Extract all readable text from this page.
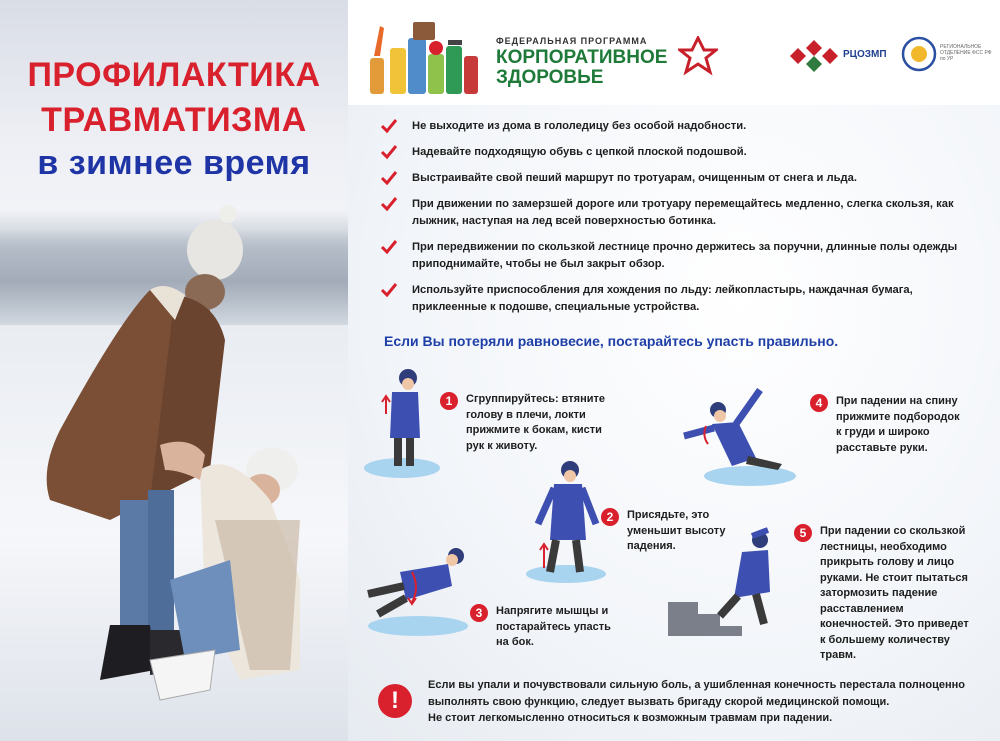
ПРОФИЛАКТИКА
ТРАВМАТИЗМА
в зимнее время
ФЕДЕРАЛЬНАЯ ПРОГРАММА
КОРПОРАТИВНОЕ
ЗДОРОВЬЕ
РЦОЗМП
РЕГИОНАЛЬНОЕ ОТДЕЛЕНИЕ ФСС РФ по УР
Не выходите из дома в гололедицу без особой надобности.
Надевайте подходящую обувь с цепкой плоской подошвой.
Выстраивайте свой пеший маршрут по тротуарам, очищенным от снега и льда.
При движении по замерзшей дороге или тротуару перемещайтесь медленно, слегка скользя, как лыжник, наступая на лед всей поверхностью ботинка.
При передвижении по скользкой лестнице прочно держитесь за поручни, длинные полы одежды приподнимайте, чтобы не был закрыт обзор.
Используйте приспособления для хождения по льду: лейкопластырь, наждачная бумага, приклеенные к подошве, специальные устройства.
Если Вы потеряли равновесие, постарайтесь упасть правильно.
1	Сгруппируйтесь: втяните голову в плечи, локти прижмите к бокам, кисти рук к животу.
4	При падении на спину прижмите подбородок к груди и широко расставьте руки.
2	Присядьте, это уменьшит высоту падения.
3	Напрягите мышцы и постарайтесь упасть на бок.
5	При падении со скользкой лестницы, необходимо прикрыть голову и лицо руками. Не стоит пытаться затормозить падение расставлением конечностей. Это приведет к большему количеству травм.
!
Если вы упали и почувствовали сильную боль, а ушибленная конечность перестала полноценно
выполнять свою функцию, следует вызвать бригаду скорой медицинской помощи.
Не стоит легкомысленно относиться к возможным травмам при падении.
